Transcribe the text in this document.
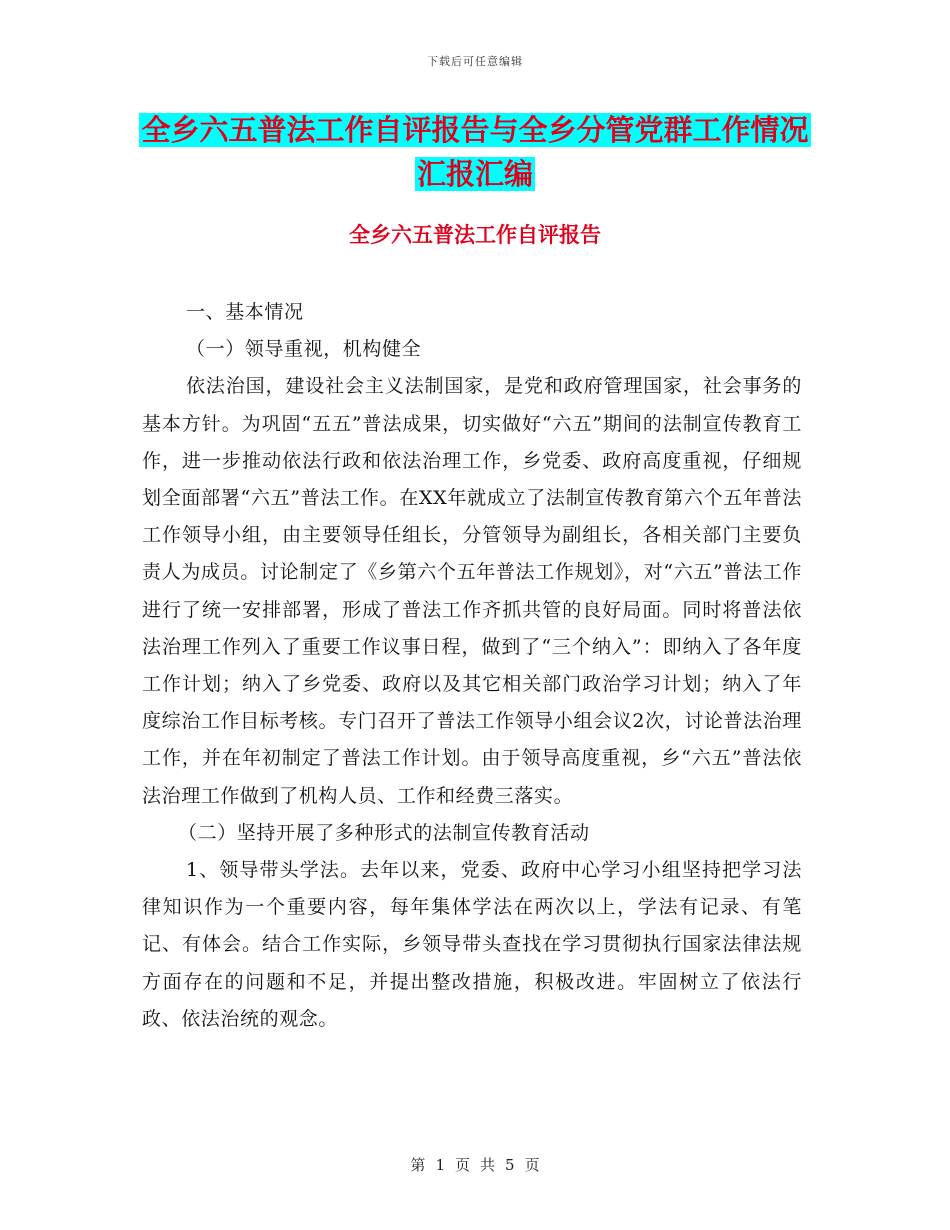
下载后可任意编辑
全乡六五普法工作自评报告与全乡分管党群工作情况
汇报汇编
全乡六五普法工作自评报告

一、基本情况

（一）领导重视，机构健全

依法治国，建设社会主义法制国家，是党和政府管理国家，社会事务的基本方针。为巩固“五五”普法成果，切实做好“六五”期间的法制宣传教育工作，进一步推动依法行政和依法治理工作，乡党委、政府高度重视，仔细规划全面部署“六五”普法工作。在XX年就成立了法制宣传教育第六个五年普法工作领导小组，由主要领导任组长，分管领导为副组长，各相关部门主要负责人为成员。讨论制定了《乡第六个五年普法工作规划》，对“六五”普法工作进行了统一安排部署，形成了普法工作齐抓共管的良好局面。同时将普法依法治理工作列入了重要工作议事日程，做到了“三个纳入”：即纳入了各年度工作计划；纳入了乡党委、政府以及其它相关部门政治学习计划；纳入了年度综治工作目标考核。专门召开了普法工作领导小组会议2次，讨论普法治理工作，并在年初制定了普法工作计划。由于领导高度重视，乡“六五”普法依法治理工作做到了机构人员、工作和经费三落实。

（二）坚持开展了多种形式的法制宣传教育活动

1、领导带头学法。去年以来，党委、政府中心学习小组坚持把学习法律知识作为一个重要内容，每年集体学法在两次以上，学法有记录、有笔记、有体会。结合工作实际，乡领导带头查找在学习贯彻执行国家法律法规方面存在的问题和不足，并提出整改措施，积极改进。牢固树立了依法行政、依法治统的观念。

第 1 页 共 5 页
